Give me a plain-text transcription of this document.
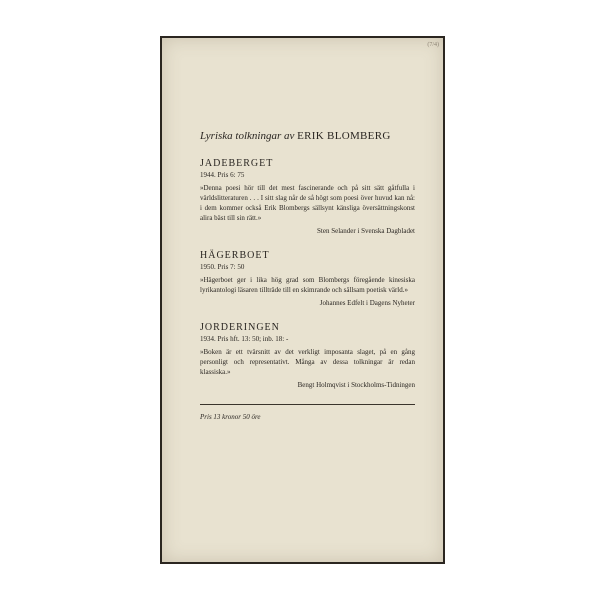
(7/4)

Lyriska tolkningar av ERIK BLOMBERG

JADEBERGET

1944. Pris 6: 75

»Denna poesi hör till det mest fascinerande och på sitt sätt gåtfulla i världslitteraturen . . . I sitt slag når de så högt som poesi över huvud kan nå: i dem kommer också Erik Blombergs sällsynt känsliga översättningskonst alira bäst till sin rätt.»

Sten Selander i Svenska Dagbladet

HÄGERBOET

1950. Pris 7: 50

»Hägerboet ger i lika hög grad som Blombergs föregående kinesiska lyrikantologi läsaren tillträde till en skimrande och sällsam poetisk värld.»

Johannes Edfelt i Dagens Nyheter

JORDERINGEN

1934. Pris hft. 13: 50; inb. 18: -

»Boken är ett tvärsnitt av det verkligt imposanta slaget, på en gång personligt och representativt. Många av dessa tolkningar är redan klassiska.»

Bengt Holmqvist i Stockholms-Tidningen

Pris 13 kronor 50 öre
